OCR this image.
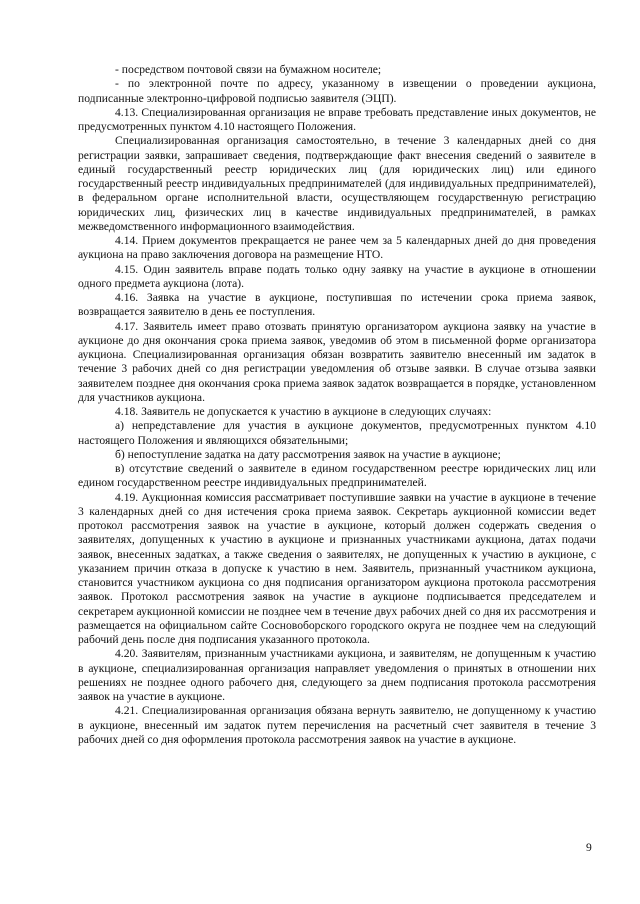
- посредством почтовой связи на бумажном носителе;

- по электронной почте по адресу, указанному в извещении о проведении аукциона, подписанные электронно-цифровой подписью заявителя (ЭЦП).

4.13. Специализированная организация не вправе требовать представление иных документов, не предусмотренных пунктом 4.10 настоящего Положения.

Специализированная организация самостоятельно, в течение 3 календарных дней со дня регистрации заявки, запрашивает сведения, подтверждающие факт внесения сведений о заявителе в единый государственный реестр юридических лиц (для юридических лиц) или единого государственный реестр индивидуальных предпринимателей (для индивидуальных предпринимателей), в федеральном органе исполнительной власти, осуществляющем государственную регистрацию юридических лиц, физических лиц в качестве индивидуальных предпринимателей, в рамках межведомственного информационного взаимодействия.

4.14. Прием документов прекращается не ранее чем за 5 календарных дней до дня проведения аукциона на право заключения договора на размещение НТО.

4.15. Один заявитель вправе подать только одну заявку на участие в аукционе в отношении одного предмета аукциона (лота).

4.16. Заявка на участие в аукционе, поступившая по истечении срока приема заявок, возвращается заявителю в день ее поступления.

4.17. Заявитель имеет право отозвать принятую организатором аукциона заявку на участие в аукционе до дня окончания срока приема заявок, уведомив об этом в письменной форме организатора аукциона. Специализированная организация обязан возвратить заявителю внесенный им задаток в течение 3 рабочих дней со дня регистрации уведомления об отзыве заявки. В случае отзыва заявки заявителем позднее дня окончания срока приема заявок задаток возвращается в порядке, установленном для участников аукциона.

4.18. Заявитель не допускается к участию в аукционе в следующих случаях:

а) непредставление для участия в аукционе документов, предусмотренных пунктом 4.10 настоящего Положения и являющихся обязательными;

б) непоступление задатка на дату рассмотрения заявок на участие в аукционе;

в) отсутствие сведений о заявителе в едином государственном реестре юридических лиц или едином государственном реестре индивидуальных предпринимателей.

4.19. Аукционная комиссия рассматривает поступившие заявки на участие в аукционе в течение 3 календарных дней со дня истечения срока приема заявок. Секретарь аукционной комиссии ведет протокол рассмотрения заявок на участие в аукционе, который должен содержать сведения о заявителях, допущенных к участию в аукционе и признанных участниками аукциона, датах подачи заявок, внесенных задатках, а также сведения о заявителях, не допущенных к участию в аукционе, с указанием причин отказа в допуске к участию в нем. Заявитель, признанный участником аукциона, становится участником аукциона со дня подписания организатором аукциона протокола рассмотрения заявок. Протокол рассмотрения заявок на участие в аукционе подписывается председателем и секретарем аукционной комиссии не позднее чем в течение двух рабочих дней со дня их рассмотрения и размещается на официальном сайте Сосновоборского городского округа не позднее чем на следующий рабочий день после дня подписания указанного протокола.

4.20. Заявителям, признанным участниками аукциона, и заявителям, не допущенным к участию в аукционе, специализированная организация направляет уведомления о принятых в отношении них решениях не позднее одного рабочего дня, следующего за днем подписания протокола рассмотрения заявок на участие в аукционе.

4.21. Специализированная организация обязана вернуть заявителю, не допущенному к участию в аукционе, внесенный им задаток путем перечисления на расчетный счет заявителя в течение 3 рабочих дней со дня оформления протокола рассмотрения заявок на участие в аукционе.

9
